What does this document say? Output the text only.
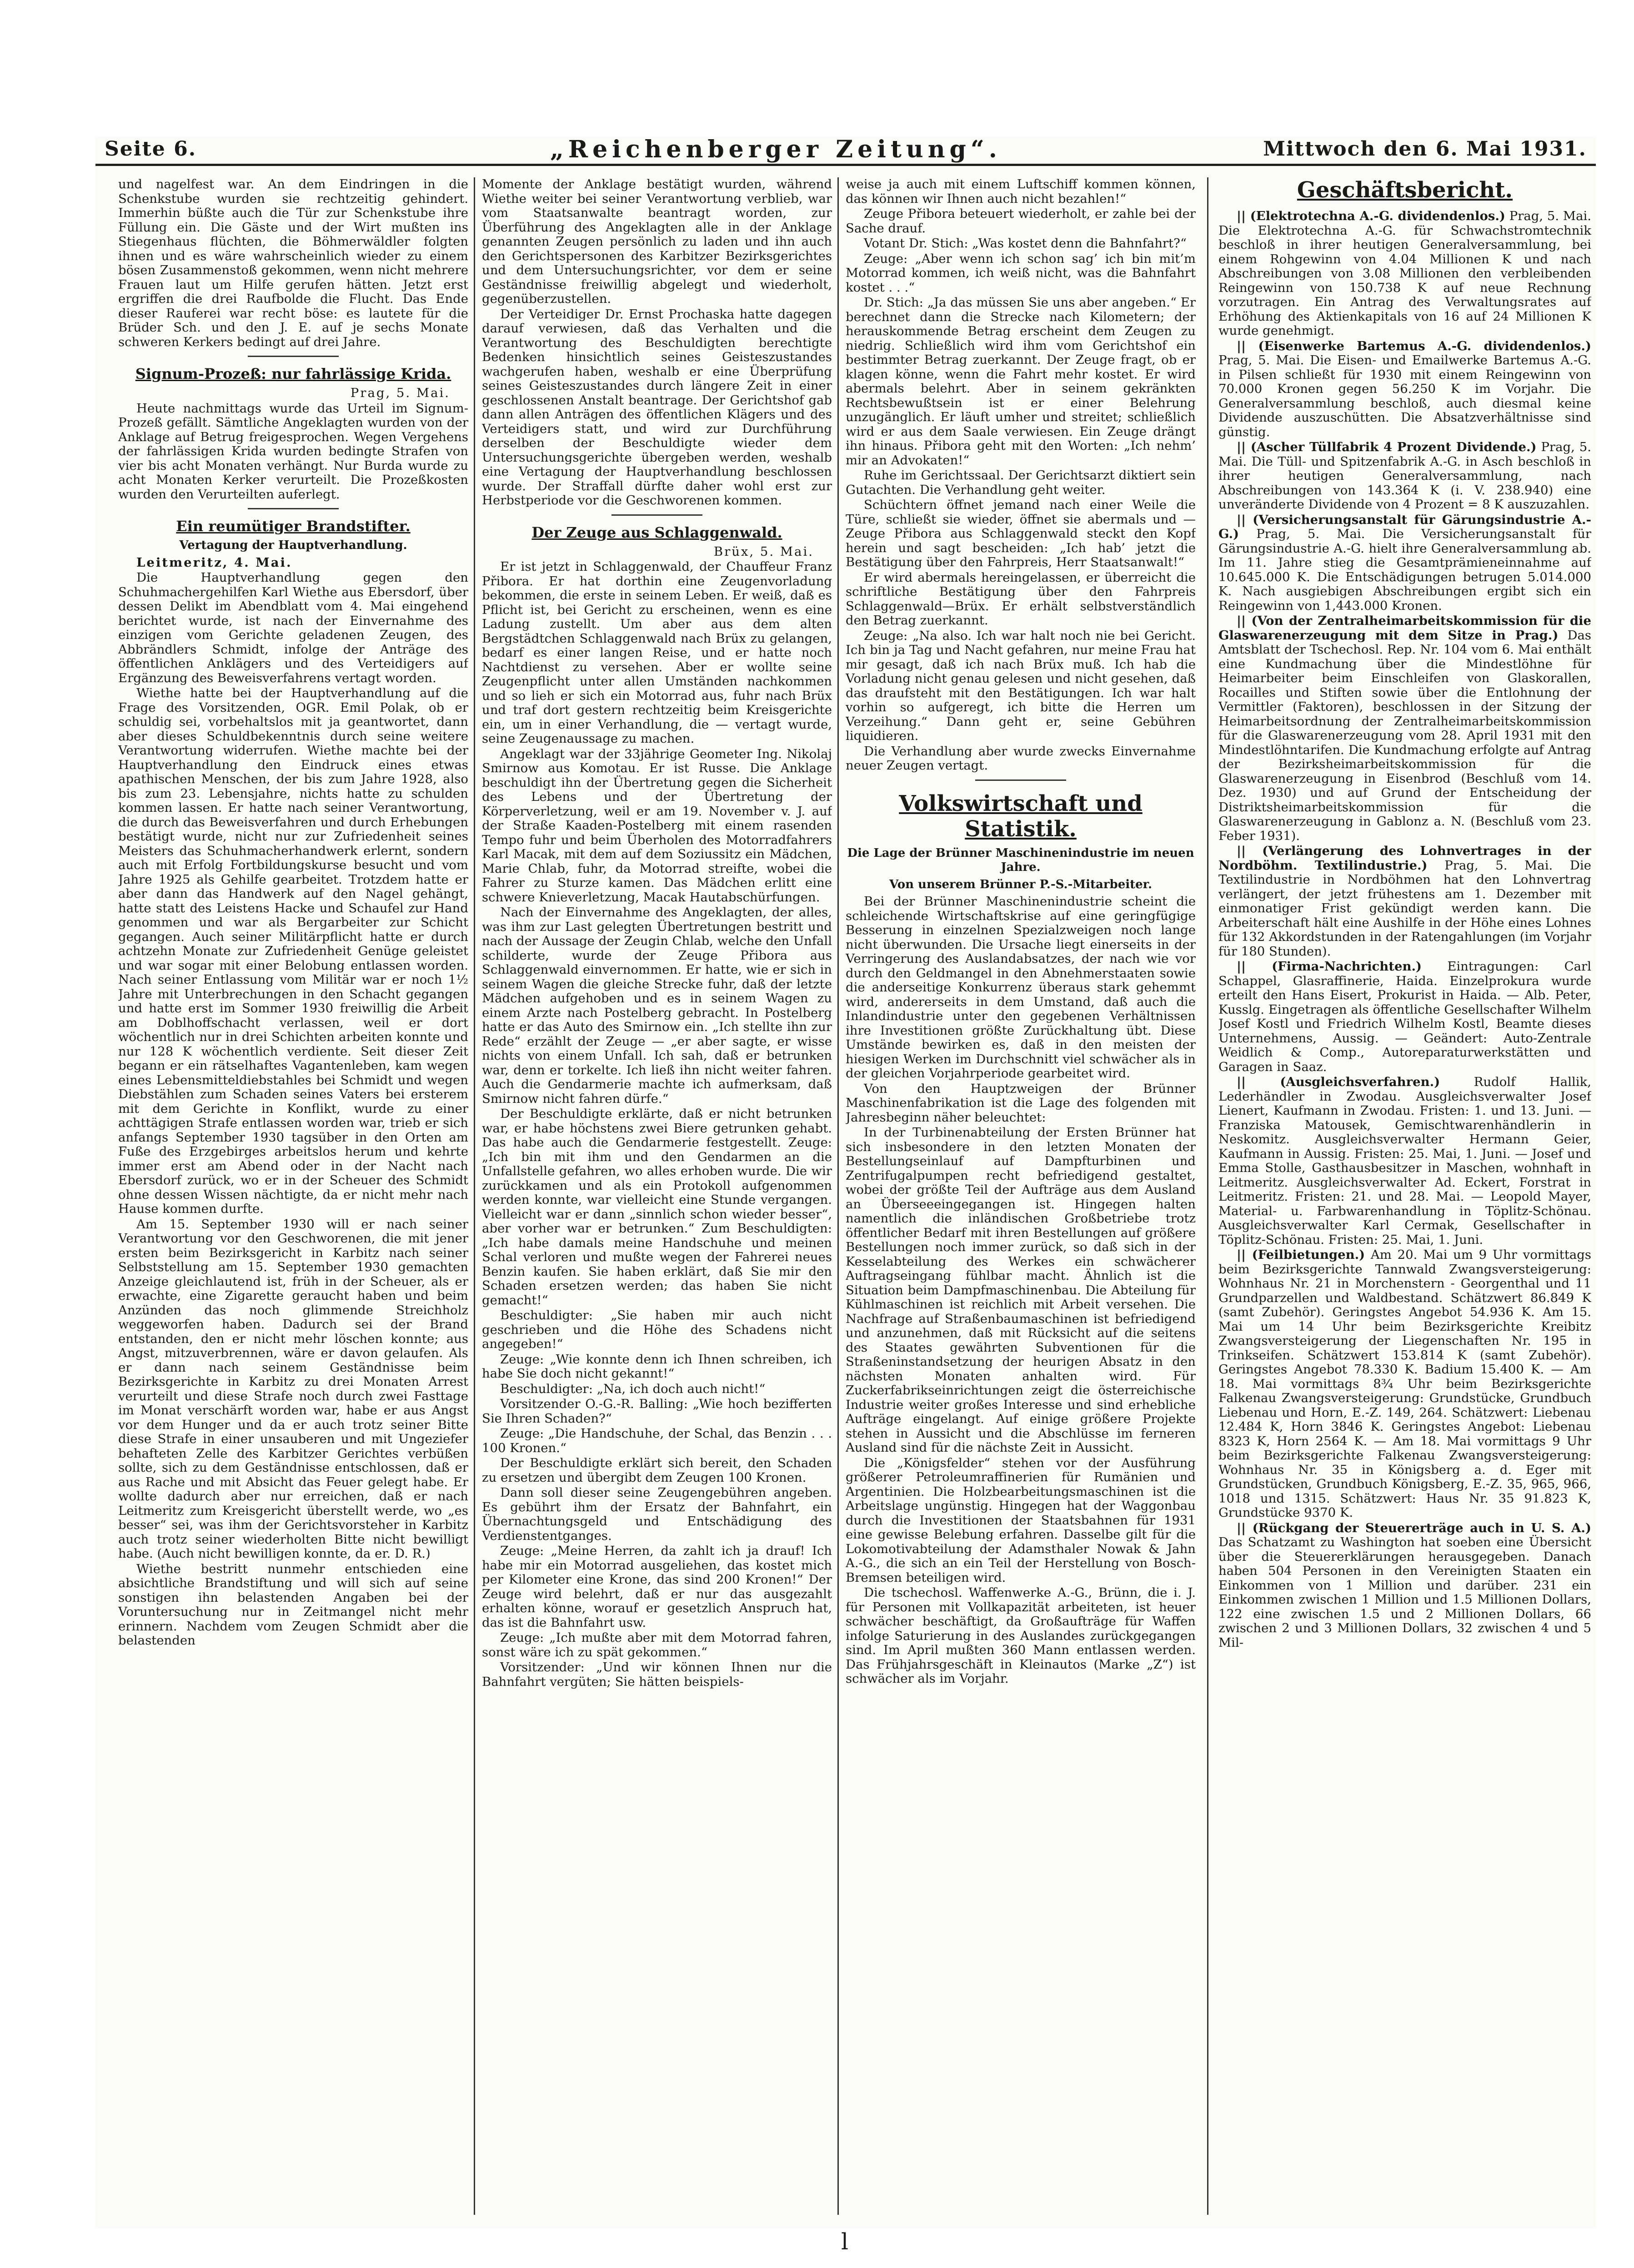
Seite 6.	„Reichenberger Zeitung“.	Mittwoch den 6. Mai 1931.

und nagelfest war. An dem Eindringen in die Schenkstube wurden sie rechtzeitig gehindert. Immerhin büßte auch die Tür zur Schenkstube ihre Füllung ein. Die Gäste und der Wirt mußten ins Stiegenhaus flüchten, die Böhmerwäldler folgten ihnen und es wäre wahrscheinlich wieder zu einem bösen Zusammenstoß gekommen, wenn nicht mehrere Frauen laut um Hilfe gerufen hätten. Jetzt erst ergriffen die drei Raufbolde die Flucht. Das Ende dieser Rauferei war recht böse: es lautete für die Brüder Sch. und den J. E. auf je sechs Monate schweren Kerkers bedingt auf drei Jahre.

Signum-Prozeß: nur fahrlässige Krida.
Prag, 5. Mai.

Heute nachmittags wurde das Urteil im Signum-Prozeß gefällt. Sämtliche Angeklagten wurden von der Anklage auf Betrug freigesprochen. Wegen Vergehens der fahrlässigen Krida wurden bedingte Strafen von vier bis acht Monaten verhängt. Nur Burda wurde zu acht Monaten Kerker verurteilt. Die Prozeßkosten wurden den Verurteilten auferlegt.

Ein reumütiger Brandstifter.
Vertagung der Hauptverhandlung.
Leitmeritz, 4. Mai.

Die Hauptverhandlung gegen den Schuhmachergehilfen Karl Wiethe aus Ebersdorf, über dessen Delikt im Abendblatt vom 4. Mai eingehend berichtet wurde, ist nach der Einvernahme des einzigen vom Gerichte geladenen Zeugen, des Abbrändlers Schmidt, infolge der Anträge des öffentlichen Anklägers und des Verteidigers auf Ergänzung des Beweisverfahrens vertagt worden.

Wiethe hatte bei der Hauptverhandlung auf die Frage des Vorsitzenden, OGR. Emil Polak, ob er schuldig sei, vorbehaltslos mit ja geantwortet, dann aber dieses Schuldbekenntnis durch seine weitere Verantwortung widerrufen. Wiethe machte bei der Hauptverhandlung den Eindruck eines etwas apathischen Menschen, der bis zum Jahre 1928, also bis zum 23. Lebensjahre, nichts hatte zu schulden kommen lassen. Er hatte nach seiner Verantwortung, die durch das Beweisverfahren und durch Erhebungen bestätigt wurde, nicht nur zur Zufriedenheit seines Meisters das Schuhmacherhandwerk erlernt, sondern auch mit Erfolg Fortbildungskurse besucht und vom Jahre 1925 als Gehilfe gearbeitet. Trotzdem hatte er aber dann das Handwerk auf den Nagel gehängt, hatte statt des Leistens Hacke und Schaufel zur Hand genommen und war als Bergarbeiter zur Schicht gegangen. Auch seiner Militärpflicht hatte er durch achtzehn Monate zur Zufriedenheit Genüge geleistet und war sogar mit einer Belobung entlassen worden. Nach seiner Entlassung vom Militär war er noch 1½ Jahre mit Unterbrechungen in den Schacht gegangen und hatte erst im Sommer 1930 freiwillig die Arbeit am Doblhoffschacht verlassen, weil er dort wöchentlich nur in drei Schichten arbeiten konnte und nur 128 K wöchentlich verdiente. Seit dieser Zeit begann er ein rätselhaftes Vagantenleben, kam wegen eines Lebensmitteldiebstahles bei Schmidt und wegen Diebstählen zum Schaden seines Vaters bei ersterem mit dem Gerichte in Konflikt, wurde zu einer achttägigen Strafe entlassen worden war, trieb er sich anfangs September 1930 tagsüber in den Orten am Fuße des Erzgebirges arbeitslos herum und kehrte immer erst am Abend oder in der Nacht nach Ebersdorf zurück, wo er in der Scheuer des Schmidt ohne dessen Wissen nächtigte, da er nicht mehr nach Hause kommen durfte.

Am 15. September 1930 will er nach seiner Verantwortung vor den Geschworenen, die mit jener ersten beim Bezirksgericht in Karbitz nach seiner Selbststellung am 15. September 1930 gemachten Anzeige gleichlautend ist, früh in der Scheuer, als er erwachte, eine Zigarette geraucht haben und beim Anzünden das noch glimmende Streichholz weggeworfen haben. Dadurch sei der Brand entstanden, den er nicht mehr löschen konnte; aus Angst, mitzuverbrennen, wäre er davon gelaufen. Als er dann nach seinem Geständnisse beim Bezirksgerichte in Karbitz zu drei Monaten Arrest verurteilt und diese Strafe noch durch zwei Fasttage im Monat verschärft worden war, habe er aus Angst vor dem Hunger und da er auch trotz seiner Bitte diese Strafe in einer unsauberen und mit Ungeziefer behafteten Zelle des Karbitzer Gerichtes verbüßen sollte, sich zu dem Geständnisse entschlossen, daß er aus Rache und mit Absicht das Feuer gelegt habe. Er wollte dadurch aber nur erreichen, daß er nach Leitmeritz zum Kreisgericht überstellt werde, wo „es besser“ sei, was ihm der Gerichtsvorsteher in Karbitz auch trotz seiner wiederholten Bitte nicht bewilligt habe. (Auch nicht bewilligen konnte, da er. D. R.)

Wiethe bestritt nunmehr entschieden eine absichtliche Brandstiftung und will sich auf seine sonstigen ihn belastenden Angaben bei der Voruntersuchung nur in Zeitmangel nicht mehr erinnern. Nachdem vom Zeugen Schmidt aber die belastenden

Momente der Anklage bestätigt wurden, während Wiethe weiter bei seiner Verantwortung verblieb, war vom Staatsanwalte beantragt worden, zur Überführung des Angeklagten alle in der Anklage genannten Zeugen persönlich zu laden und ihn auch den Gerichtspersonen des Karbitzer Bezirksgerichtes und dem Untersuchungsrichter, vor dem er seine Geständnisse freiwillig abgelegt und wiederholt, gegenüberzustellen.

Der Verteidiger Dr. Ernst Prochaska hatte dagegen darauf verwiesen, daß das Verhalten und die Verantwortung des Beschuldigten berechtigte Bedenken hinsichtlich seines Geisteszustandes wachgerufen haben, weshalb er eine Überprüfung seines Geisteszustandes durch längere Zeit in einer geschlossenen Anstalt beantrage. Der Gerichtshof gab dann allen Anträgen des öffentlichen Klägers und des Verteidigers statt, und wird zur Durchführung derselben der Beschuldigte wieder dem Untersuchungsgerichte übergeben werden, weshalb eine Vertagung der Hauptverhandlung beschlossen wurde. Der Straffall dürfte daher wohl erst zur Herbstperiode vor die Geschworenen kommen.

Der Zeuge aus Schlaggenwald.
Brüx, 5. Mai.

Er ist jetzt in Schlaggenwald, der Chauffeur Franz Přibora. Er hat dorthin eine Zeugenvorladung bekommen, die erste in seinem Leben. Er weiß, daß es Pflicht ist, bei Gericht zu erscheinen, wenn es eine Ladung zustellt. Um aber aus dem alten Bergstädtchen Schlaggenwald nach Brüx zu gelangen, bedarf es einer langen Reise, und er hatte noch Nachtdienst zu versehen. Aber er wollte seine Zeugenpflicht unter allen Umständen nachkommen und so lieh er sich ein Motorrad aus, fuhr nach Brüx und traf dort gestern rechtzeitig beim Kreisgerichte ein, um in einer Verhandlung, die — vertagt wurde, seine Zeugenaussage zu machen.

Angeklagt war der 33jährige Geometer Ing. Nikolaj Smirnow aus Komotau. Er ist Russe. Die Anklage beschuldigt ihn der Übertretung gegen die Sicherheit des Lebens und der Übertretung der Körperverletzung, weil er am 19. November v. J. auf der Straße Kaaden-Postelberg mit einem rasenden Tempo fuhr und beim Überholen des Motorradfahrers Karl Macak, mit dem auf dem Soziussitz ein Mädchen, Marie Chlab, fuhr, da Motorrad streifte, wobei die Fahrer zu Sturze kamen. Das Mädchen erlitt eine schwere Knieverletzung, Macak Hautabschürfungen.

Nach der Einvernahme des Angeklagten, der alles, was ihm zur Last gelegten Übertretungen bestritt und nach der Aussage der Zeugin Chlab, welche den Unfall schilderte, wurde der Zeuge Přibora aus Schlaggenwald einvernommen. Er hatte, wie er sich in seinem Wagen die gleiche Strecke fuhr, daß der letzte Mädchen aufgehoben und es in seinem Wagen zu einem Arzte nach Postelberg gebracht. In Postelberg hatte er das Auto des Smirnow ein. „Ich stellte ihn zur Rede“ erzählt der Zeuge — „er aber sagte, er wisse nichts von einem Unfall. Ich sah, daß er betrunken war, denn er torkelte. Ich ließ ihn nicht weiter fahren. Auch die Gendarmerie machte ich aufmerksam, daß Smirnow nicht fahren dürfe.“

Der Beschuldigte erklärte, daß er nicht betrunken war, er habe höchstens zwei Biere getrunken gehabt. Das habe auch die Gendarmerie festgestellt. Zeuge: „Ich bin mit ihm und den Gendarmen an die Unfallstelle gefahren, wo alles erhoben wurde. Die wir zurückkamen und als ein Protokoll aufgenommen werden konnte, war vielleicht eine Stunde vergangen. Vielleicht war er dann „sinnlich schon wieder besser“, aber vorher war er betrunken.“ Zum Beschuldigten: „Ich habe damals meine Handschuhe und meinen Schal verloren und mußte wegen der Fahrerei neues Benzin kaufen. Sie haben erklärt, daß Sie mir den Schaden ersetzen werden; das haben Sie nicht gemacht!“

Beschuldigter: „Sie haben mir auch nicht geschrieben und die Höhe des Schadens nicht angegeben!“

Zeuge: „Wie konnte denn ich Ihnen schreiben, ich habe Sie doch nicht gekannt!“

Beschuldigter: „Na, ich doch auch nicht!“

Vorsitzender O.-G.-R. Balling: „Wie hoch bezifferten Sie Ihren Schaden?“

Zeuge: „Die Handschuhe, der Schal, das Benzin . . . 100 Kronen.“

Der Beschuldigte erklärt sich bereit, den Schaden zu ersetzen und übergibt dem Zeugen 100 Kronen.

Dann soll dieser seine Zeugengebühren angeben. Es gebührt ihm der Ersatz der Bahnfahrt, ein Übernachtungsgeld und Entschädigung des Verdienstentganges.

Zeuge: „Meine Herren, da zahlt ich ja drauf! Ich habe mir ein Motorrad ausgeliehen, das kostet mich per Kilometer eine Krone, das sind 200 Kronen!“ Der Zeuge wird belehrt, daß er nur das ausgezahlt erhalten könne, worauf er gesetzlich Anspruch hat, das ist die Bahnfahrt usw.

Zeuge: „Ich mußte aber mit dem Motorrad fahren, sonst wäre ich zu spät gekommen.“

Vorsitzender: „Und wir können Ihnen nur die Bahnfahrt vergüten; Sie hätten beispiels-

weise ja auch mit einem Luftschiff kommen können, das können wir Ihnen auch nicht bezahlen!“

Zeuge Přibora beteuert wiederholt, er zahle bei der Sache drauf.

Votant Dr. Stich: „Was kostet denn die Bahnfahrt?“

Zeuge: „Aber wenn ich schon sag’ ich bin mit’m Motorrad kommen, ich weiß nicht, was die Bahnfahrt kostet . . .“

Dr. Stich: „Ja das müssen Sie uns aber angeben.“ Er berechnet dann die Strecke nach Kilometern; der herauskommende Betrag erscheint dem Zeugen zu niedrig. Schließlich wird ihm vom Gerichtshof ein bestimmter Betrag zuerkannt. Der Zeuge fragt, ob er klagen könne, wenn die Fahrt mehr kostet. Er wird abermals belehrt. Aber in seinem gekränkten Rechtsbewußtsein ist er einer Belehrung unzugänglich. Er läuft umher und streitet; schließlich wird er aus dem Saale verwiesen. Ein Zeuge drängt ihn hinaus. Přibora geht mit den Worten: „Ich nehm’ mir an Advokaten!“

Ruhe im Gerichtssaal. Der Gerichtsarzt diktiert sein Gutachten. Die Verhandlung geht weiter.

Schüchtern öffnet jemand nach einer Weile die Türe, schließt sie wieder, öffnet sie abermals und — Zeuge Přibora aus Schlaggenwald steckt den Kopf herein und sagt bescheiden: „Ich hab’ jetzt die Bestätigung über den Fahrpreis, Herr Staatsanwalt!“

Er wird abermals hereingelassen, er überreicht die schriftliche Bestätigung über den Fahrpreis Schlaggenwald—Brüx. Er erhält selbstverständlich den Betrag zuerkannt.

Zeuge: „Na also. Ich war halt noch nie bei Gericht. Ich bin ja Tag und Nacht gefahren, nur meine Frau hat mir gesagt, daß ich nach Brüx muß. Ich hab die Vorladung nicht genau gelesen und nicht gesehen, daß das draufsteht mit den Bestätigungen. Ich war halt vorhin so aufgeregt, ich bitte die Herren um Verzeihung.“ Dann geht er, seine Gebühren liquidieren.

Die Verhandlung aber wurde zwecks Einvernahme neuer Zeugen vertagt.

Volkswirtschaft und Statistik.
Die Lage der Brünner Maschinenindustrie im neuen Jahre.
Von unserem Brünner P.-S.-Mitarbeiter.

Bei der Brünner Maschinenindustrie scheint die schleichende Wirtschaftskrise auf eine geringfügige Besserung in einzelnen Spezialzweigen noch lange nicht überwunden. Die Ursache liegt einerseits in der Verringerung des Auslandabsatzes, der nach wie vor durch den Geldmangel in den Abnehmerstaaten sowie die anderseitige Konkurrenz überaus stark gehemmt wird, andererseits in dem Umstand, daß auch die Inlandindustrie unter den gegebenen Verhältnissen ihre Investitionen größte Zurückhaltung übt. Diese Umstände bewirken es, daß in den meisten der hiesigen Werken im Durchschnitt viel schwächer als in der gleichen Vorjahrperiode gearbeitet wird.

Von den Hauptzweigen der Brünner Maschinenfabrikation ist die Lage des folgenden mit Jahresbeginn näher beleuchtet:

In der Turbinenabteilung der Ersten Brünner hat sich insbesondere in den letzten Monaten der Bestellungseinlauf auf Dampfturbinen und Zentrifugalpumpen recht befriedigend gestaltet, wobei der größte Teil der Aufträge aus dem Ausland an Überseeeingegangen ist. Hingegen halten namentlich die inländischen Großbetriebe trotz öffentlicher Bedarf mit ihren Bestellungen auf größere Bestellungen noch immer zurück, so daß sich in der Kesselabteilung des Werkes ein schwächerer Auftragseingang fühlbar macht. Ähnlich ist die Situation beim Dampfmaschinenbau. Die Abteilung für Kühlmaschinen ist reichlich mit Arbeit versehen. Die Nachfrage auf Straßenbaumaschinen ist befriedigend und anzunehmen, daß mit Rücksicht auf die seitens des Staates gewährten Subventionen für die Straßeninstandsetzung der heurigen Absatz in den nächsten Monaten anhalten wird. Für Zuckerfabrikseinrichtungen zeigt die österreichische Industrie weiter großes Interesse und sind erhebliche Aufträge eingelangt. Auf einige größere Projekte stehen in Aussicht und die Abschlüsse im ferneren Ausland sind für die nächste Zeit in Aussicht.

Die „Königsfelder“ stehen vor der Ausführung größerer Petroleumraffinerien für Rumänien und Argentinien. Die Holzbearbeitungsmaschinen ist die Arbeitslage ungünstig. Hingegen hat der Waggonbau durch die Investitionen der Staatsbahnen für 1931 eine gewisse Belebung erfahren. Dasselbe gilt für die Lokomotivabteilung der Adamsthaler Nowak & Jahn A.-G., die sich an ein Teil der Herstellung von Bosch-Bremsen beteiligen wird.

Die tschechosl. Waffenwerke A.-G., Brünn, die i. J. für Personen mit Vollkapazität arbeiteten, ist heuer schwächer beschäftigt, da Großaufträge für Waffen infolge Saturierung in des Auslandes zurückgegangen sind. Im April mußten 360 Mann entlassen werden. Das Frühjahrsgeschäft in Kleinautos (Marke „Z“) ist schwächer als im Vorjahr.

Geschäftsbericht.

|| (Elektrotechna A.-G. dividendenlos.) Prag, 5. Mai. Die Elektrotechna A.-G. für Schwachstromtechnik beschloß in ihrer heutigen Generalversammlung, bei einem Rohgewinn von 4.04 Millionen K und nach Abschreibungen von 3.08 Millionen den verbleibenden Reingewinn von 150.738 K auf neue Rechnung vorzutragen. Ein Antrag des Verwaltungsrates auf Erhöhung des Aktienkapitals von 16 auf 24 Millionen K wurde genehmigt.

|| (Eisenwerke Bartemus A.-G. dividendenlos.) Prag, 5. Mai. Die Eisen- und Emailwerke Bartemus A.-G. in Pilsen schließt für 1930 mit einem Reingewinn von 70.000 Kronen gegen 56.250 K im Vorjahr. Die Generalversammlung beschloß, auch diesmal keine Dividende auszuschütten. Die Absatzverhältnisse sind günstig.

|| (Ascher Tüllfabrik 4 Prozent Dividende.) Prag, 5. Mai. Die Tüll- und Spitzenfabrik A.-G. in Asch beschloß in ihrer heutigen Generalversammlung, nach Abschreibungen von 143.364 K (i. V. 238.940) eine unveränderte Dividende von 4 Prozent = 8 K auszuzahlen.

|| (Versicherungsanstalt für Gärungsindustrie A.-G.) Prag, 5. Mai. Die Versicherungsanstalt für Gärungsindustrie A.-G. hielt ihre Generalversammlung ab. Im 11. Jahre stieg die Gesamtprämieneinnahme auf 10.645.000 K. Die Entschädigungen betrugen 5.014.000 K. Nach ausgiebigen Abschreibungen ergibt sich ein Reingewinn von 1,443.000 Kronen.

|| (Von der Zentralheimarbeitskommission für die Glaswarenerzeugung mit dem Sitze in Prag.) Das Amtsblatt der Tschechosl. Rep. Nr. 104 vom 6. Mai enthält eine Kundmachung über die Mindestlöhne für Heimarbeiter beim Einschleifen von Glaskorallen, Rocailles und Stiften sowie über die Entlohnung der Vermittler (Faktoren), beschlossen in der Sitzung der Heimarbeitsordnung der Zentralheimarbeitskommission für die Glaswarenerzeugung vom 28. April 1931 mit den Mindestlöhntarifen. Die Kundmachung erfolgte auf Antrag der Bezirksheimarbeitskommission für die Glaswarenerzeugung in Eisenbrod (Beschluß vom 14. Dez. 1930) und auf Grund der Entscheidung der Distriktsheimarbeitskommission für die Glaswarenerzeugung in Gablonz a. N. (Beschluß vom 23. Feber 1931).

|| (Verlängerung des Lohnvertrages in der Nordböhm. Textilindustrie.) Prag, 5. Mai. Die Textilindustrie in Nordböhmen hat den Lohnvertrag verlängert, der jetzt frühestens am 1. Dezember mit einmonatiger Frist gekündigt werden kann. Die Arbeiterschaft hält eine Aushilfe in der Höhe eines Lohnes für 132 Akkordstunden in der Ratengahlungen (im Vorjahr für 180 Stunden).

|| (Firma-Nachrichten.) Eintragungen: Carl Schappel, Glasraffinerie, Haida. Einzelprokura wurde erteilt den Hans Eisert, Prokurist in Haida. — Alb. Peter, Kusslg. Eingetragen als öffentliche Gesellschafter Wilhelm Josef Kostl und Friedrich Wilhelm Kostl, Beamte dieses Unternehmens, Aussig. — Geändert: Auto-Zentrale Weidlich & Comp., Autoreparaturwerkstätten und Garagen in Saaz.

|| (Ausgleichsverfahren.)	Rudolf Hallik, Lederhändler in Zwodau. Ausgleichsverwalter Josef Lienert, Kaufmann in Zwodau. Fristen: 1. und 13. Juni. — Franziska Matousek, Gemischtwarenhändlerin in Neskomitz. Ausgleichsverwalter Hermann Geier, Kaufmann in Aussig. Fristen: 25. Mai, 1. Juni. — Josef und Emma Stolle, Gasthausbesitzer in Maschen, wohnhaft in Leitmeritz. Ausgleichsverwalter Ad. Eckert, Forstrat in Leitmeritz. Fristen: 21. und 28. Mai. — Leopold Mayer, Material- u. Farbwarenhandlung in Töplitz-Schönau. Ausgleichsverwalter Karl Cermak, Gesellschafter in Töplitz-Schönau. Fristen: 25. Mai, 1. Juni.

|| (Feilbietungen.) Am 20. Mai um 9 Uhr vormittags beim Bezirksgerichte Tannwald Zwangsversteigerung: Wohnhaus Nr. 21 in Morchenstern - Georgenthal und 11 Grundparzellen und Waldbestand. Schätzwert 86.849 K (samt Zubehör). Geringstes Angebot 54.936 K. Am 15. Mai um 14 Uhr beim Bezirksgerichte Kreibitz Zwangsversteigerung der Liegenschaften Nr. 195 in Trinkseifen. Schätzwert 153.814 K (samt Zubehör). Geringstes Angebot 78.330 K. Badium 15.400 K. — Am 18. Mai vormittags 8¾ Uhr beim Bezirksgerichte Falkenau Zwangsversteigerung: Grundstücke, Grundbuch Liebenau und Horn, E.-Z. 149, 264. Schätzwert: Liebenau 12.484 K, Horn 3846 K. Geringstes Angebot: Liebenau 8323 K, Horn 2564 K. — Am 18. Mai vormittags 9 Uhr beim Bezirksgerichte Falkenau Zwangsversteigerung: Wohnhaus Nr. 35 in Königsberg a. d. Eger mit Grundstücken, Grundbuch Königsberg, E.-Z. 35, 965, 966, 1018 und 1315. Schätzwert: Haus Nr. 35 91.823 K, Grundstücke 9370 K.

|| (Rückgang der Steuererträge auch in U. S. A.) Das Schatzamt zu Washington hat soeben eine Übersicht über die Steuererklärungen herausgegeben. Danach haben 504 Personen in den Vereinigten Staaten ein Einkommen von 1 Million und darüber. 231 ein Einkommen zwischen 1 Million und 1.5 Millionen Dollars, 122 eine zwischen 1.5 und 2 Millionen Dollars, 66 zwischen 2 und 3 Millionen Dollars, 32 zwischen 4 und 5 Mil-

l
